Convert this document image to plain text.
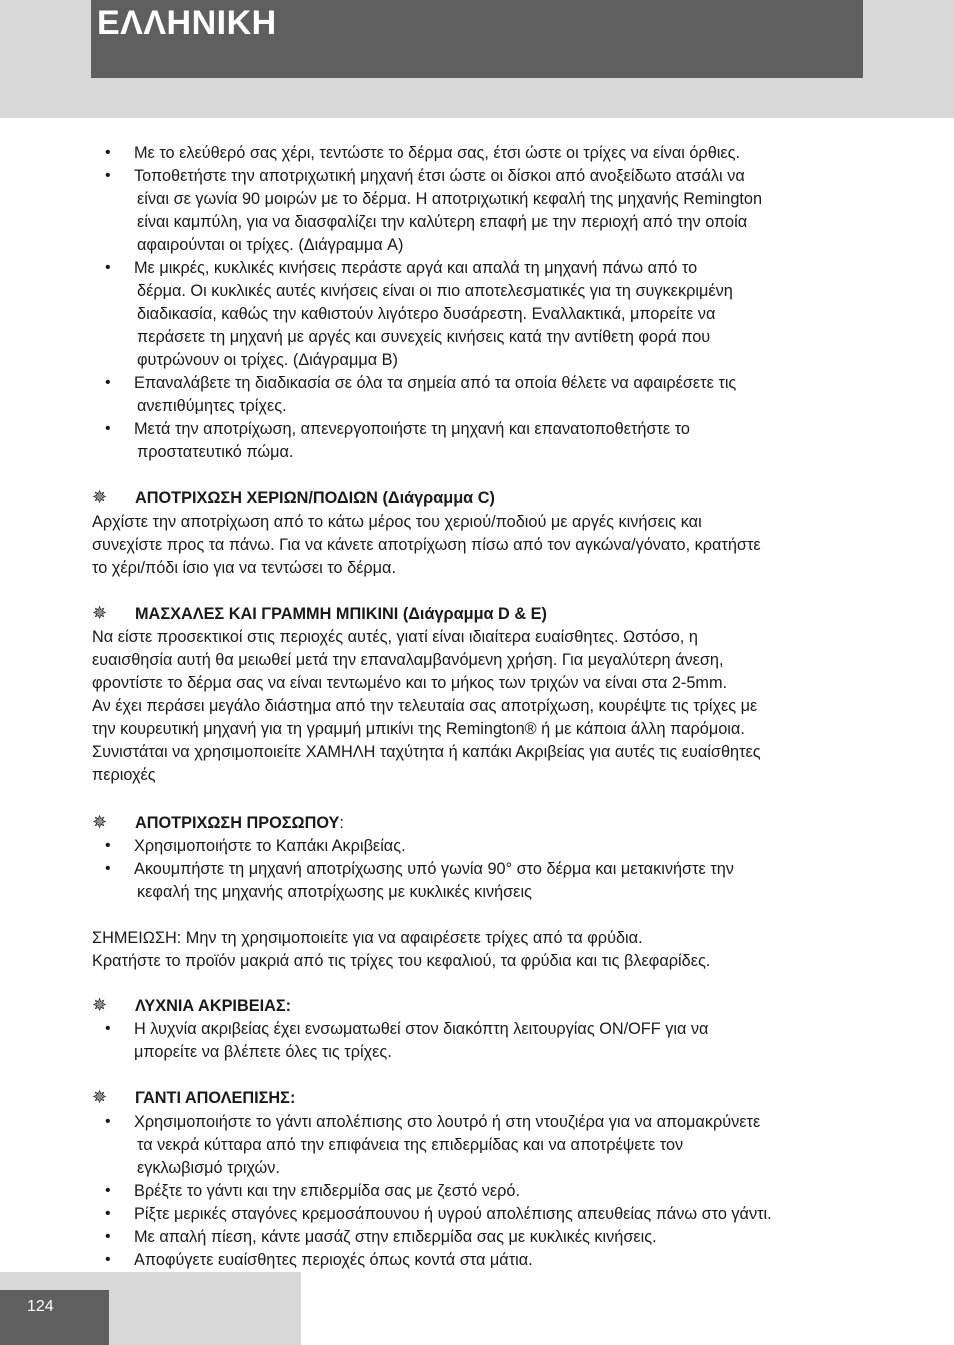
ΕΛΛΗΝΙΚΗ
• Με το ελεύθερό σας χέρι, τεντώστε το δέρμα σας, έτσι ώστε οι τρίχες να είναι όρθιες.
• Τοποθετήστε την αποτριχωτική μηχανή έτσι ώστε οι δίσκοι από ανοξείδωτο ατσάλι να
είναι σε γωνία 90 μοιρών με το δέρμα. Η αποτριχωτική κεφαλή της μηχανής Remington
είναι καμπύλη, για να διασφαλίζει την καλύτερη επαφή με την περιοχή από την οποία
αφαιρούνται οι τρίχες. (Διάγραμμα A)
• Με μικρές, κυκλικές κινήσεις περάστε αργά και απαλά τη μηχανή πάνω από το
δέρμα. Οι κυκλικές αυτές κινήσεις είναι οι πιο αποτελεσματικές για τη συγκεκριμένη
διαδικασία, καθώς την καθιστούν λιγότερο δυσάρεστη. Εναλλακτικά, μπορείτε να
περάσετε τη μηχανή με αργές και συνεχείς κινήσεις κατά την αντίθετη φορά που
φυτρώνουν οι τρίχες. (Διάγραμμα B)
• Επαναλάβετε τη διαδικασία σε όλα τα σημεία από τα οποία θέλετε να αφαιρέσετε τις
ανεπιθύμητες τρίχες.
• Μετά την αποτρίχωση, απενεργοποιήστε τη μηχανή και επανατοποθετήστε το
προστατευτικό πώμα.
✵ ΑΠΟΤΡΙΧΩΣΗ ΧΕΡΙΩΝ/ΠΟΔΙΩΝ (Διάγραμμα C)
Αρχίστε την αποτρίχωση από το κάτω μέρος του χεριού/ποδιού με αργές κινήσεις και
συνεχίστε προς τα πάνω. Για να κάνετε αποτρίχωση πίσω από τον αγκώνα/γόνατο, κρατήστε
το χέρι/πόδι ίσιο για να τεντώσει το δέρμα.
✵ ΜΑΣΧΑΛΕΣ ΚΑΙ ΓΡΑΜΜΗ ΜΠΙΚΙΝΙ (Διάγραμμα D & E)
Να είστε προσεκτικοί στις περιοχές αυτές, γιατί είναι ιδιαίτερα ευαίσθητες. Ωστόσο, η
ευαισθησία αυτή θα μειωθεί μετά την επαναλαμβανόμενη χρήση. Για μεγαλύτερη άνεση,
φροντίστε το δέρμα σας να είναι τεντωμένο και το μήκος των τριχών να είναι στα 2-5mm.
Αν έχει περάσει μεγάλο διάστημα από την τελευταία σας αποτρίχωση, κουρέψτε τις τρίχες με
την κουρευτική μηχανή για τη γραμμή μπικίνι της Remington® ή με κάποια άλλη παρόμοια.
Συνιστάται να χρησιμοποιείτε ΧΑΜΗΛΗ ταχύτητα ή καπάκι Ακριβείας για αυτές τις ευαίσθητες
περιοχές
✵ ΑΠΟΤΡΙΧΩΣΗ ΠΡΟΣΩΠΟΥ:
• Χρησιμοποιήστε το Καπάκι Ακριβείας.
• Ακουμπήστε τη μηχανή αποτρίχωσης υπό γωνία 90° στο δέρμα και μετακινήστε την
κεφαλή της μηχανής αποτρίχωσης με κυκλικές κινήσεις
ΣΗΜΕΙΩΣΗ: Μην τη χρησιμοποιείτε για να αφαιρέσετε τρίχες από τα φρύδια.
Κρατήστε το προϊόν μακριά από τις τρίχες του κεφαλιού, τα φρύδια και τις βλεφαρίδες.
✵ ΛΥΧΝΙΑ ΑΚΡΙΒΕΙΑΣ:
• Η λυχνία ακριβείας έχει ενσωματωθεί στον διακόπτη λειτουργίας ON/OFF για να
μπορείτε να βλέπετε όλες τις τρίχες.
✵ ΓΑΝΤΙ ΑΠΟΛΕΠΙΣΗΣ:
• Χρησιμοποιήστε το γάντι απολέπισης στο λουτρό ή στη ντουζιέρα για να απομακρύνετε
τα νεκρά κύτταρα από την επιφάνεια της επιδερμίδας και να αποτρέψετε τον
εγκλωβισμό τριχών.
• Βρέξτε το γάντι και την επιδερμίδα σας με ζεστό νερό.
• Ρίξτε μερικές σταγόνες κρεμοσάπουνου ή υγρού απολέπισης απευθείας πάνω στο γάντι.
• Με απαλή πίεση, κάντε μασάζ στην επιδερμίδα σας με κυκλικές κινήσεις.
• Αποφύγετε ευαίσθητες περιοχές όπως κοντά στα μάτια.
124
